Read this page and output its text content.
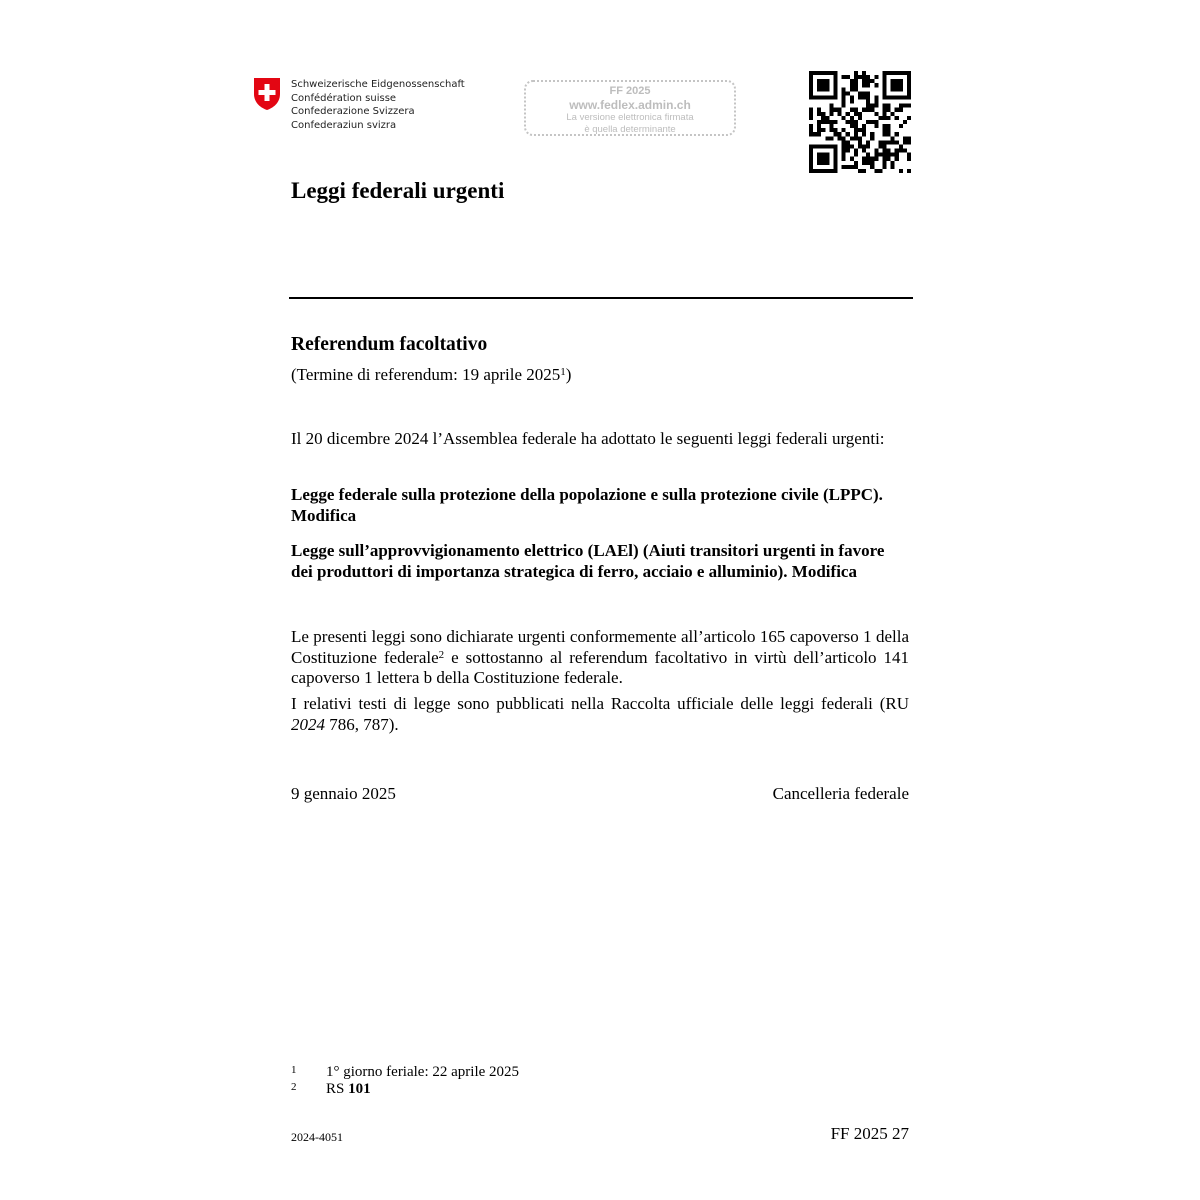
Schweizerische Eidgenossenschaft
Confédération suisse
Confederazione Svizzera
Confederaziun svizra
FF 2025
www.fedlex.admin.ch
La versione elettronica firmata
è quella determinante
Leggi federali urgenti
Referendum facoltativo
(Termine di referendum: 19 aprile 2025$^1$)
Il 20 dicembre 2024 l’Assemblea federale ha adottato le seguenti leggi federali urgenti:
Legge federale sulla protezione della popolazione e sulla protezione civile (LPPC). Modifica
Legge sull’approvvigionamento elettrico (LAEl) (Aiuti transitori urgenti in favore dei produttori di importanza strategica di ferro, acciaio e alluminio). Modifica
Le presenti leggi sono dichiarate urgenti conformemente all’articolo 165 capoverso 1 della Costituzione federale$^2$ e sottostanno al referendum facoltativo in virtù dell’articolo 141 capoverso 1 lettera b della Costituzione federale.
I relativi testi di legge sono pubblicati nella Raccolta ufficiale delle leggi federali (RU 2024 786, 787).
9 gennaio 2025	Cancelleria federale
1 1° giorno feriale: 22 aprile 2025
2 RS 101
2024-4051	FF 2025 27
